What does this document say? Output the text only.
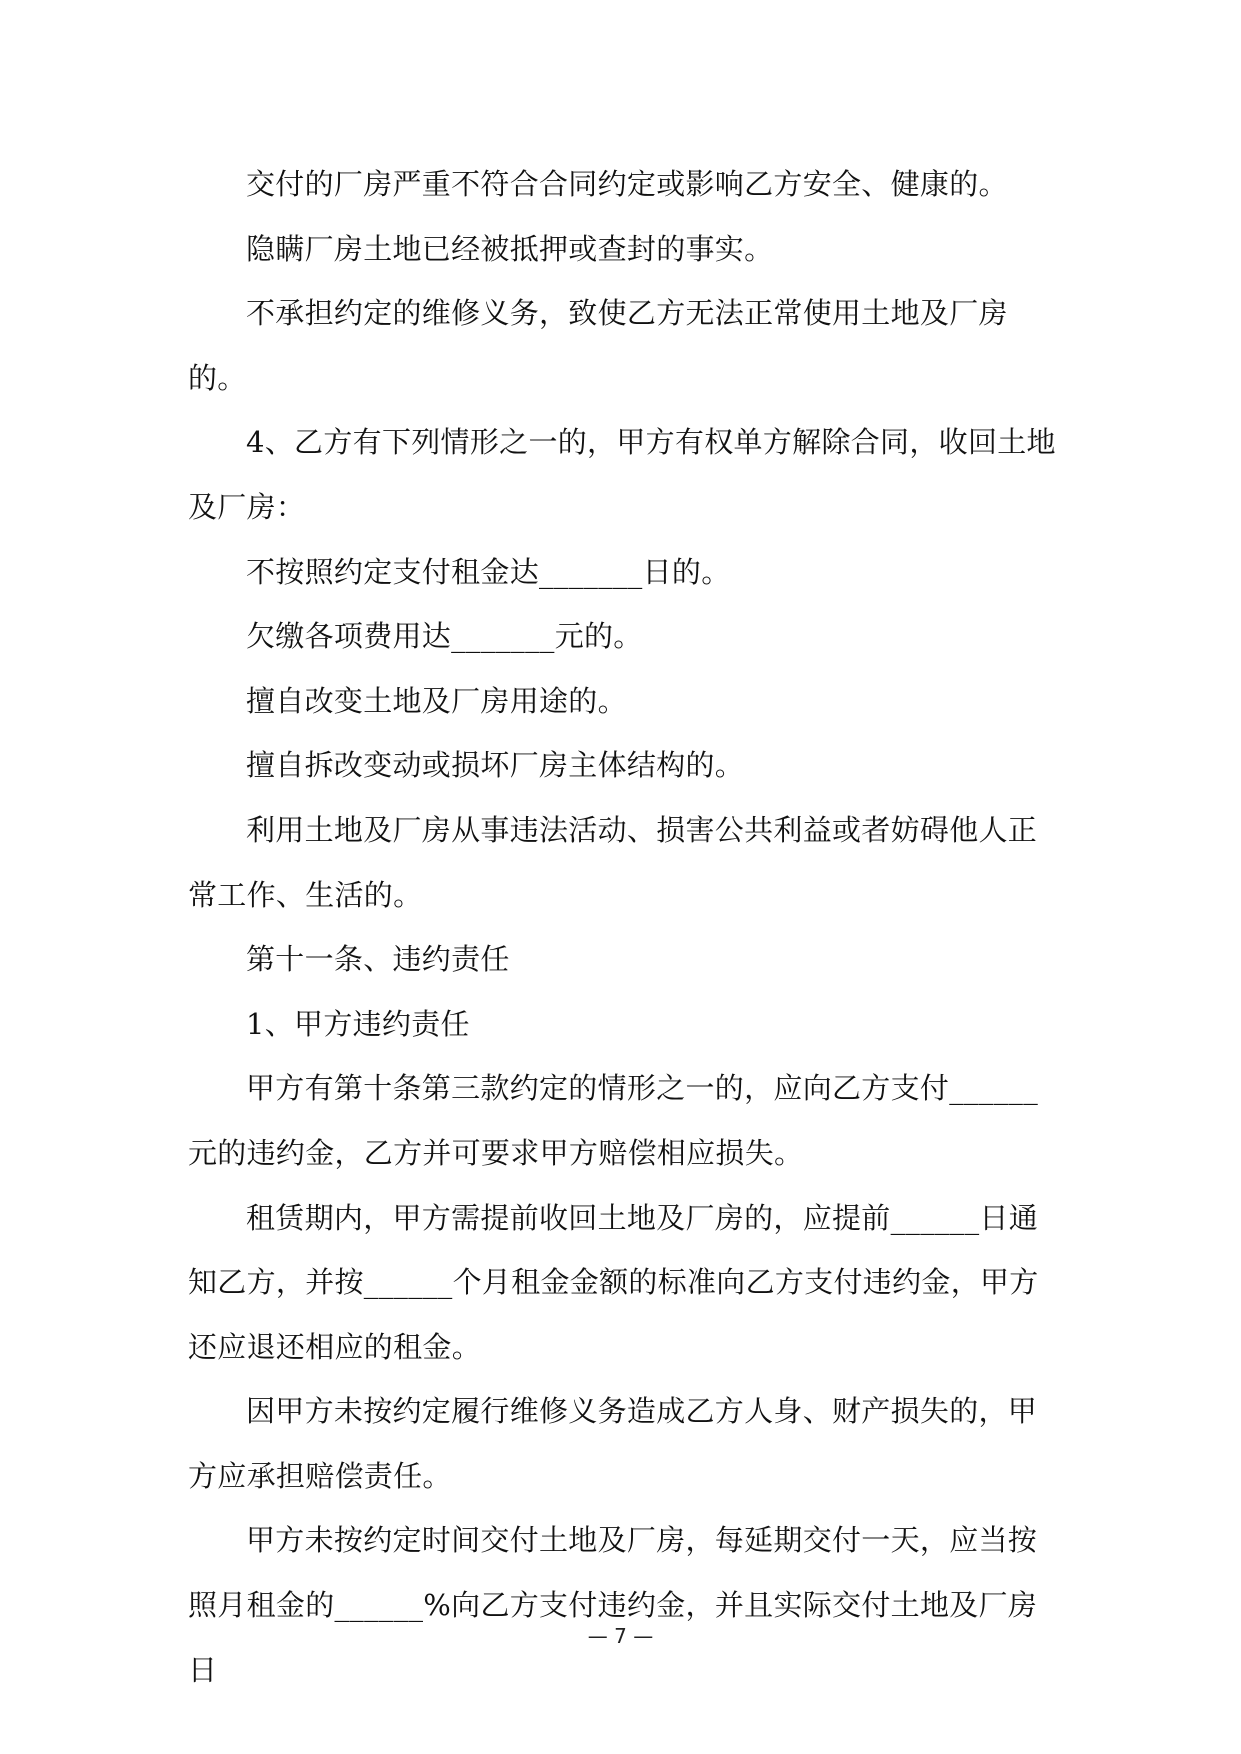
交付的厂房严重不符合合同约定或影响乙方安全、健康的。

隐瞒厂房土地已经被抵押或查封的事实。

不承担约定的维修义务，致使乙方无法正常使用土地及厂房的。

4、乙方有下列情形之一的，甲方有权单方解除合同，收回土地及厂房：

不按照约定支付租金达_______日的。

欠缴各项费用达_______元的。

擅自改变土地及厂房用途的。

擅自拆改变动或损坏厂房主体结构的。

利用土地及厂房从事违法活动、损害公共利益或者妨碍他人正常工作、生活的。

第十一条、违约责任

1、甲方违约责任

甲方有第十条第三款约定的情形之一的，应向乙方支付______元的违约金，乙方并可要求甲方赔偿相应损失。

租赁期内，甲方需提前收回土地及厂房的，应提前______日通知乙方，并按______个月租金金额的标准向乙方支付违约金，甲方还应退还相应的租金。

因甲方未按约定履行维修义务造成乙方人身、财产损失的，甲方应承担赔偿责任。

甲方未按约定时间交付土地及厂房，每延期交付一天，应当按照月租金的______%向乙方支付违约金，并且实际交付土地及厂房日

— 7 —
